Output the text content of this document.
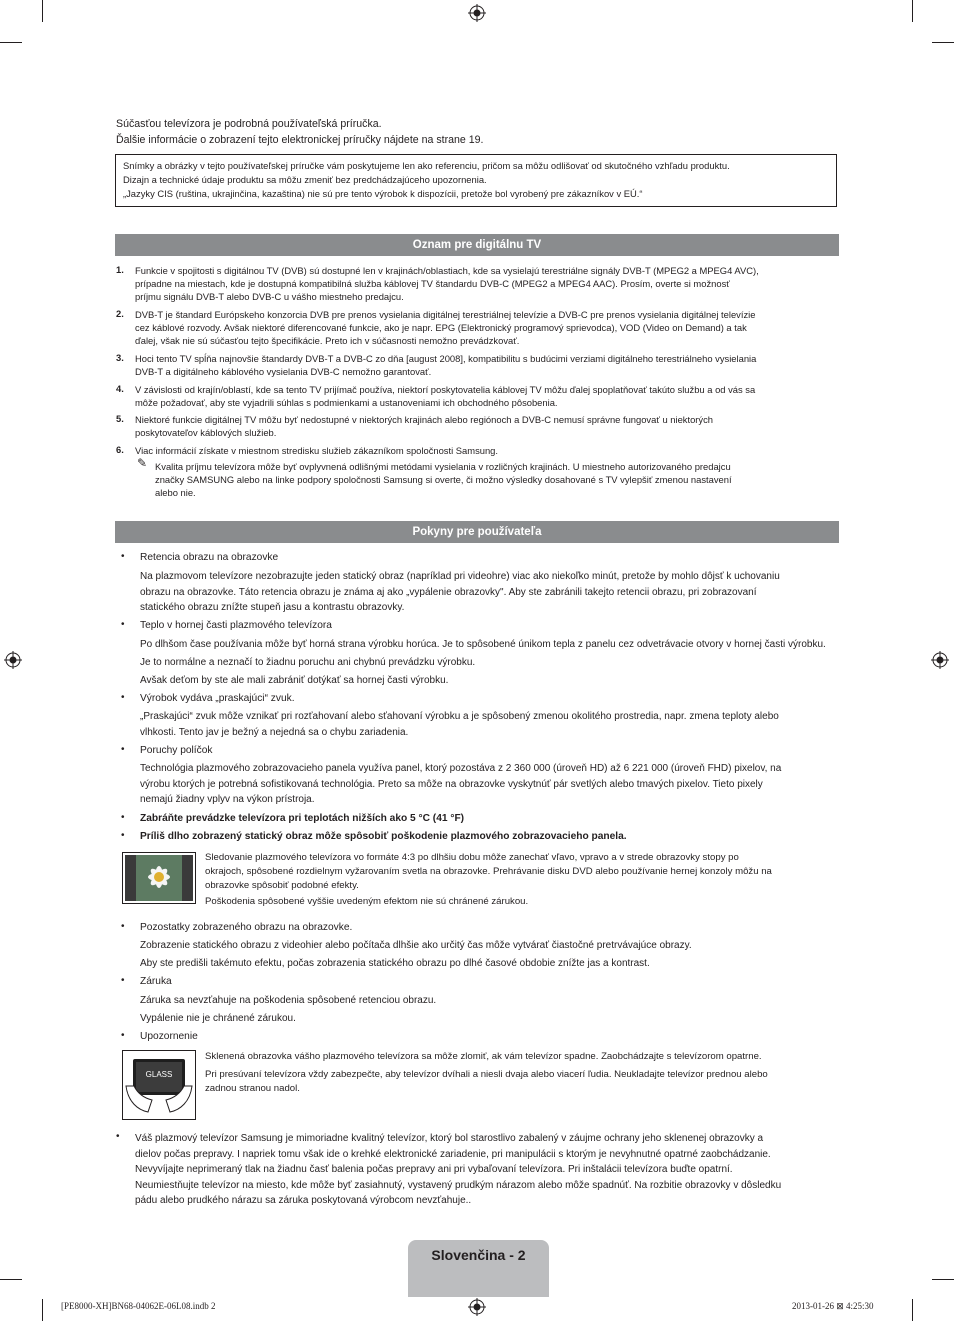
Súčasťou televízora je podrobná používateľská príručka.

Ďalšie informácie o zobrazení tejto elektronickej príručky nájdete na strane 19.

Snímky a obrázky v tejto používateľskej príručke vám poskytujeme len ako referenciu, pričom sa môžu odlišovať od skutočného vzhľadu produktu.

Dizajn a technické údaje produktu sa môžu zmeniť bez predchádzajúceho upozornenia.

„Jazyky CIS (ruština, ukrajinčina, kazaština) nie sú pre tento výrobok k dispozícii, pretože bol vyrobený pre zákazníkov v EÚ.“

Oznam pre digitálnu TV
1. Funkcie v spojitosti s digitálnou TV (DVB) sú dostupné len v krajinách/oblastiach, kde sa vysielajú terestriálne signály DVB-T (MPEG2 a MPEG4 AVC),

prípadne na miestach, kde je dostupná kompatibilná služba káblovej TV štandardu DVB-C (MPEG2 a MPEG4 AAC). Prosím, overte si možnosť

príjmu signálu DVB-T alebo DVB-C u vášho miestneho predajcu.

2. DVB-T je štandard Európskeho konzorcia DVB pre prenos vysielania digitálnej terestriálnej televízie a DVB-C pre prenos vysielania digitálnej televízie

cez káblové rozvody. Avšak niektoré diferencované funkcie, ako je napr. EPG (Elektronický programový sprievodca), VOD (Video on Demand) a tak

ďalej, však nie sú súčasťou tejto špecifikácie. Preto ich v súčasnosti nemožno prevádzkovať.

3. Hoci tento TV spĺňa najnovšie štandardy DVB-T a DVB-C zo dňa [august 2008], kompatibilitu s budúcimi verziami digitálneho terestriálneho vysielania

DVB-T a digitálneho káblového vysielania DVB-C nemožno garantovať.

4. V závislosti od krajín/oblastí, kde sa tento TV prijímač používa, niektorí poskytovatelia káblovej TV môžu ďalej spoplatňovať takúto službu a od vás sa

môže požadovať, aby ste vyjadrili súhlas s podmienkami a ustanoveniami ich obchodného pôsobenia.

5. Niektoré funkcie digitálnej TV môžu byť nedostupné v niektorých krajinách alebo regiónoch a DVB-C nemusí správne fungovať u niektorých

poskytovateľov káblových služieb.

6. Viac informácií získate v miestnom stredisku služieb zákazníkom spoločnosti Samsung.

✎ Kvalita príjmu televízora môže byť ovplyvnená odlišnými metódami vysielania v rozličných krajinách. U miestneho autorizovaného predajcu

značky SAMSUNG alebo na linke podpory spoločnosti Samsung si overte, či možno výsledky dosahované s TV vylepšiť zmenou nastavení

alebo nie.

Pokyny pre používateľa
• Retencia obrazu na obrazovke

Na plazmovom televízore nezobrazujte jeden statický obraz (napríklad pri videohre) viac ako niekoľko minút, pretože by mohlo dôjsť k uchovaniu

obrazu na obrazovke. Táto retencia obrazu je známa aj ako „vypálenie obrazovky". Aby ste zabránili takejto retencii obrazu, pri zobrazovaní

statického obrazu znížte stupeň jasu a kontrastu obrazovky.

• Teplo v hornej časti plazmového televízora

Po dlhšom čase používania môže byť horná strana výrobku horúca. Je to spôsobené únikom tepla z panelu cez odvetrávacie otvory v hornej časti výrobku.

Je to normálne a neznačí to žiadnu poruchu ani chybnú prevádzku výrobku.

Avšak deťom by ste ale mali zabrániť dotýkať sa hornej časti výrobku.

• Výrobok vydáva „praskajúci“ zvuk.

„Praskajúci“ zvuk môže vznikať pri rozťahovaní alebo sťahovaní výrobku a je spôsobený zmenou okolitého prostredia, napr. zmena teploty alebo

vlhkosti. Tento jav je bežný a nejedná sa o chybu zariadenia.

• Poruchy políčok

Technológia plazmového zobrazovacieho panela využíva panel, ktorý pozostáva z 2 360 000 (úroveň HD) až 6 221 000 (úroveň FHD) pixelov, na

výrobu ktorých je potrebná sofistikovaná technológia. Preto sa môže na obrazovke vyskytnúť pár svetlých alebo tmavých pixelov. Tieto pixely

nemajú žiadny vplyv na výkon prístroja.

• Zabráňte prevádzke televízora pri teplotách nižších ako 5 °C (41 °F)

• Príliš dlho zobrazený statický obraz môže spôsobiť poškodenie plazmového zobrazovacieho panela.

Sledovanie plazmového televízora vo formáte 4:3 po dlhšiu dobu môže zanechať vľavo, vpravo a v strede obrazovky stopy po

okrajoch, spôsobené rozdielnym vyžarovaním svetla na obrazovke. Prehrávanie disku DVD alebo používanie hernej konzoly môžu na

obrazovke spôsobiť podobné efekty.

Poškodenia spôsobené vyššie uvedeným efektom nie sú chránené zárukou.

• Pozostatky zobrazeného obrazu na obrazovke.

Zobrazenie statického obrazu z videohier alebo počítača dlhšie ako určitý čas môže vytvárať čiastočné pretrvávajúce obrazy.

Aby ste predišli takémuto efektu, počas zobrazenia statického obrazu po dlhé časové obdobie znížte jas a kontrast.

• Záruka

Záruka sa nevzťahuje na poškodenia spôsobené retenciou obrazu.

Vypálenie nie je chránené zárukou.

• Upozornenie

GLASS

Sklenená obrazovka vášho plazmového televízora sa môže zlomiť, ak vám televízor spadne. Zaobchádzajte s televízorom opatrne.

Pri presúvaní televízora vždy zabezpečte, aby televízor dvíhali a niesli dvaja alebo viacerí ľudia. Neukladajte televízor prednou alebo

zadnou stranou nadol.

• Váš plazmový televízor Samsung je mimoriadne kvalitný televízor, ktorý bol starostlivo zabalený v záujme ochrany jeho sklenenej obrazovky a

dielov počas prepravy. I napriek tomu však ide o krehké elektronické zariadenie, pri manipulácii s ktorým je nevyhnutné opatrné zaobchádzanie.

Nevyvíjajte neprimeraný tlak na žiadnu časť balenia počas prepravy ani pri vybaľovaní televízora. Pri inštalácii televízora buďte opatrní.

Neumiestňujte televízor na miesto, kde môže byť zasiahnutý, vystavený prudkým nárazom alebo môže spadnúť. Na rozbitie obrazovky v dôsledku

pádu alebo prudkého nárazu sa záruka poskytovaná výrobcom nevzťahuje..

Slovenčina - 2
[PE8000-XH]BN68-04062E-06L08.indb 2	2013-01-26 ⊠ 4:25:30
